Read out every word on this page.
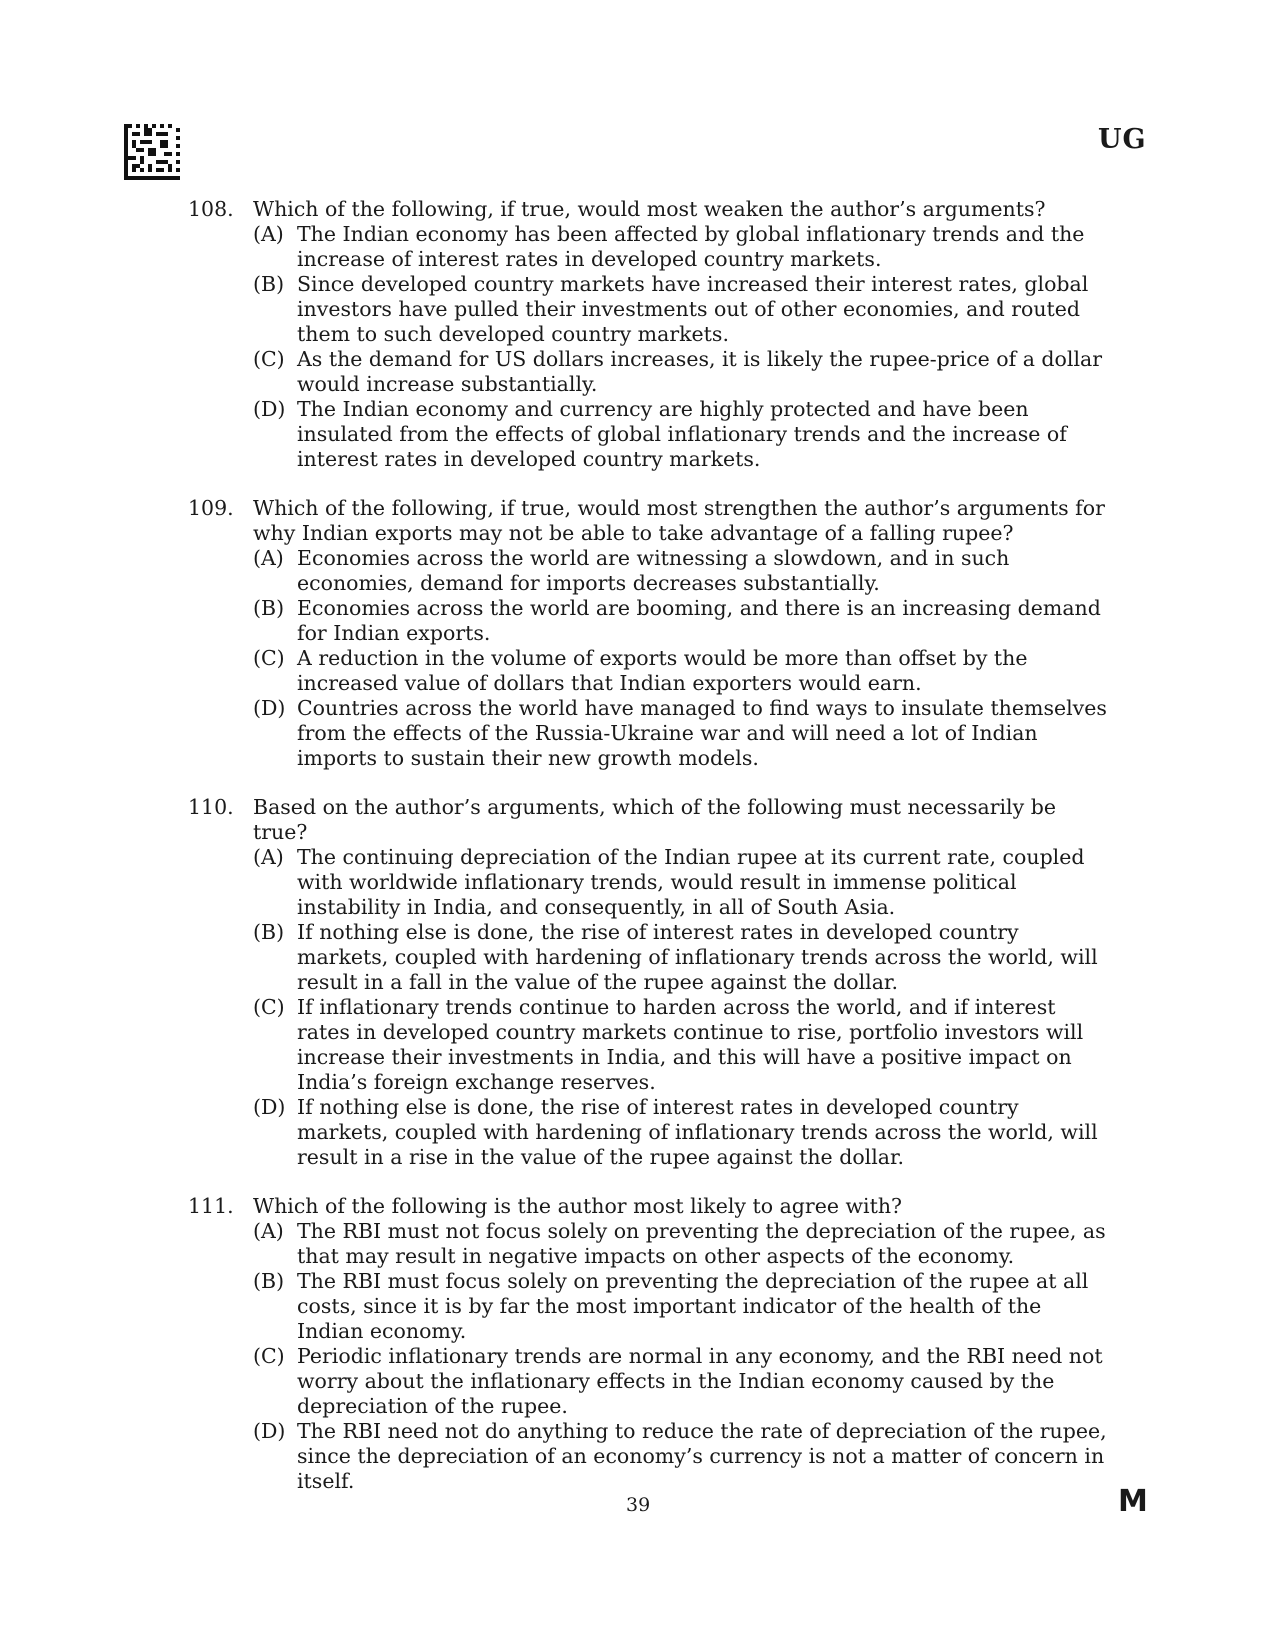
UG
108. Which of the following, if true, would most weaken the author’s arguments?
(A) The Indian economy has been affected by global inflationary trends and the increase of interest rates in developed country markets.
(B) Since developed country markets have increased their interest rates, global investors have pulled their investments out of other economies, and routed them to such developed country markets.
(C) As the demand for US dollars increases, it is likely the rupee-price of a dollar would increase substantially.
(D) The Indian economy and currency are highly protected and have been insulated from the effects of global inflationary trends and the increase of interest rates in developed country markets.
109. Which of the following, if true, would most strengthen the author’s arguments for why Indian exports may not be able to take advantage of a falling rupee?
(A) Economies across the world are witnessing a slowdown, and in such economies, demand for imports decreases substantially.
(B) Economies across the world are booming, and there is an increasing demand for Indian exports.
(C) A reduction in the volume of exports would be more than offset by the increased value of dollars that Indian exporters would earn.
(D) Countries across the world have managed to find ways to insulate themselves from the effects of the Russia-Ukraine war and will need a lot of Indian imports to sustain their new growth models.
110. Based on the author’s arguments, which of the following must necessarily be true?
(A) The continuing depreciation of the Indian rupee at its current rate, coupled with worldwide inflationary trends, would result in immense political instability in India, and consequently, in all of South Asia.
(B) If nothing else is done, the rise of interest rates in developed country markets, coupled with hardening of inflationary trends across the world, will result in a fall in the value of the rupee against the dollar.
(C) If inflationary trends continue to harden across the world, and if interest rates in developed country markets continue to rise, portfolio investors will increase their investments in India, and this will have a positive impact on India’s foreign exchange reserves.
(D) If nothing else is done, the rise of interest rates in developed country markets, coupled with hardening of inflationary trends across the world, will result in a rise in the value of the rupee against the dollar.
111. Which of the following is the author most likely to agree with?
(A) The RBI must not focus solely on preventing the depreciation of the rupee, as that may result in negative impacts on other aspects of the economy.
(B) The RBI must focus solely on preventing the depreciation of the rupee at all costs, since it is by far the most important indicator of the health of the Indian economy.
(C) Periodic inflationary trends are normal in any economy, and the RBI need not worry about the inflationary effects in the Indian economy caused by the depreciation of the rupee.
(D) The RBI need not do anything to reduce the rate of depreciation of the rupee, since the depreciation of an economy’s currency is not a matter of concern in itself.
39	M
